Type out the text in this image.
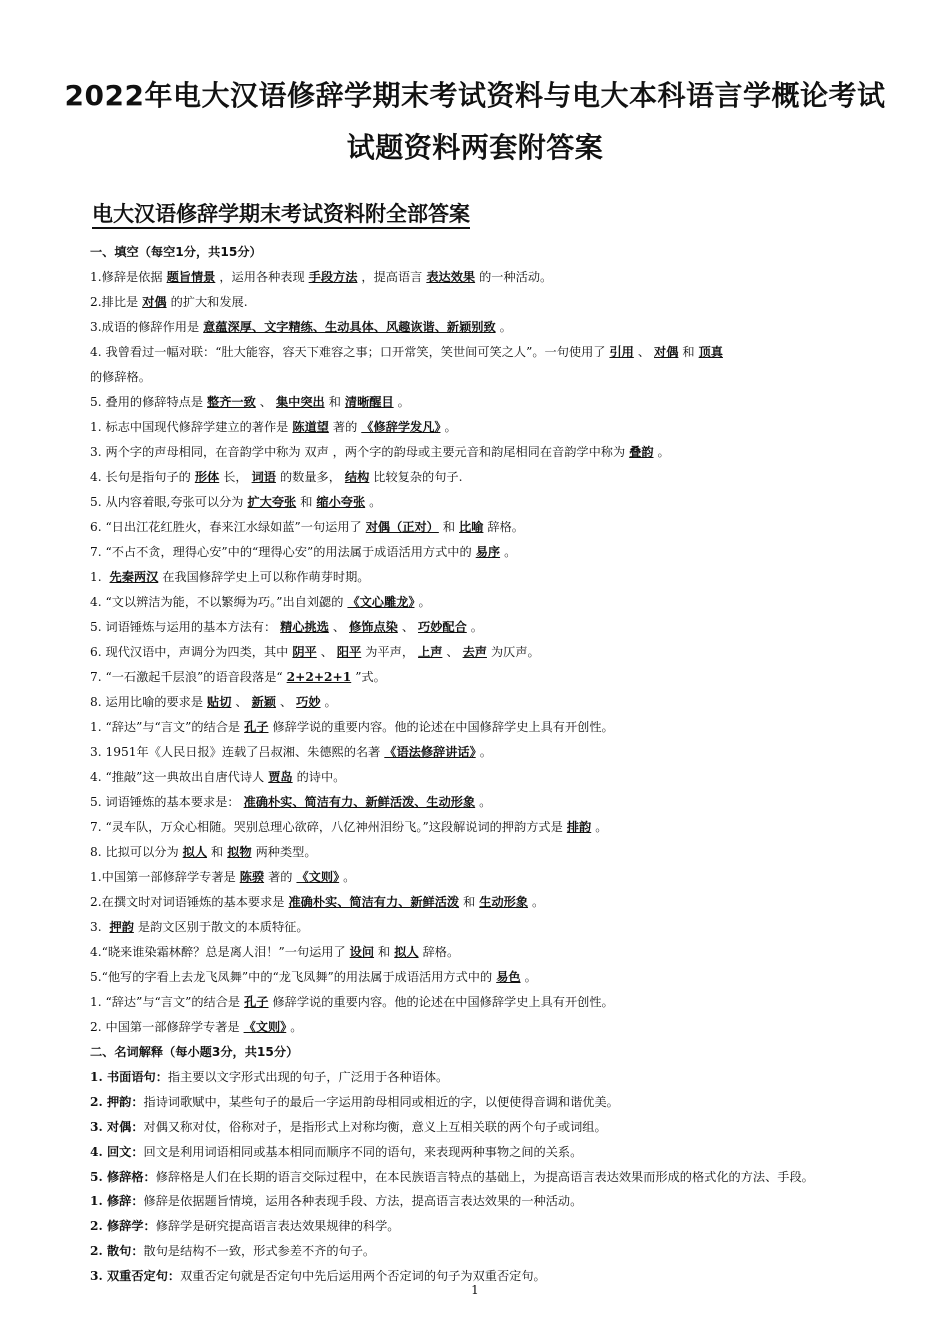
2022年电大汉语修辞学期末考试资料与电大本科语言学概论考试
试题资料两套附答案
电大汉语修辞学期末考试资料附全部答案
一、填空（每空1分，共15分）
1.修辞是依据 题旨情景 ，运用各种表现 手段方法 ，提高语言 表达效果 的一种活动。
2.排比是 对偶 的扩大和发展.
3.成语的修辞作用是 意蕴深厚、文字精练、生动具体、风趣诙谐、新颖别致 。
4. 我曾看过一幅对联：“肚大能容，容天下难容之事；口开常笑，笑世间可笑之人”。一句使用了 引用 、 对偶 和 顶真
的修辞格。
5. 叠用的修辞特点是 整齐一致 、 集中突出 和 清晰醒目 。
1. 标志中国现代修辞学建立的著作是 陈道望 著的 《修辞学发凡》 。
3. 两个字的声母相同，在音韵学中称为 双声 ，两个字的韵母或主要元音和韵尾相同在音韵学中称为 叠韵 。
4. 长句是指句子的 形体 长， 词语 的数量多， 结构 比较复杂的句子.
5. 从内容着眼,夸张可以分为 扩大夸张 和 缩小夸张 。
6. “日出江花红胜火，春来江水绿如蓝”一句运用了 对偶（正对） 和 比喻 辞格。
7. “不占不贪，理得心安”中的“理得心安”的用法属于成语活用方式中的 易序 。
1. 先秦两汉 在我国修辞学史上可以称作萌芽时期。
4. “文以辨洁为能，不以繁缛为巧。”出自刘勰的 《文心雕龙》 。
5. 词语锤炼与运用的基本方法有： 精心挑选 、 修饰点染 、 巧妙配合 。
6. 现代汉语中，声调分为四类，其中 阴平 、 阳平 为平声， 上声 、 去声 为仄声。
7. “一石激起千层浪”的语音段落是“ 2+2+2+1 ”式。
8. 运用比喻的要求是 贴切 、 新颖 、 巧妙 。
1. “辞达”与“言文”的结合是 孔子 修辞学说的重要内容。他的论述在中国修辞学史上具有开创性。
3. 1951年《人民日报》连载了吕叔湘、朱德熙的名著 《语法修辞讲话》 。
4. “推敲”这一典故出自唐代诗人 贾岛 的诗中。
5. 词语锤炼的基本要求是： 准确朴实、简洁有力、新鲜活泼、生动形象 。
7. “灵车队，万众心相随。哭别总理心欲碎，八亿神州泪纷飞。”这段解说词的押韵方式是 排韵 。
8. 比拟可以分为 拟人 和 拟物 两种类型。
1.中国第一部修辞学专著是 陈骙 著的 《文则》 。
2.在撰文时对词语锤炼的基本要求是 准确朴实、简洁有力、新鲜活泼 和 生动形象 。
3. 押韵 是韵文区别于散文的本质特征。
4.“晓来谁染霜林醉？总是离人泪！”一句运用了 设问 和 拟人 辞格。
5.“他写的字看上去龙飞凤舞”中的“龙飞凤舞”的用法属于成语活用方式中的 易色 。
1. “辞达”与“言文”的结合是 孔子 修辞学说的重要内容。他的论述在中国修辞学史上具有开创性。
2. 中国第一部修辞学专著是 《文则》 。
二、名词解释（每小题3分，共15分）
1. 书面语句：指主要以文字形式出现的句子，广泛用于各种语体。
2. 押韵：指诗词歌赋中，某些句子的最后一字运用韵母相同或相近的字，以便使得音调和谐优美。
3. 对偶：对偶又称对仗，俗称对子，是指形式上对称均衡，意义上互相关联的两个句子或词组。
4. 回文：回文是利用词语相同或基本相同而顺序不同的语句，来表现两种事物之间的关系。
5. 修辞格：修辞格是人们在长期的语言交际过程中，在本民族语言特点的基础上，为提高语言表达效果而形成的格式化的方法、手段。
1. 修辞：修辞是依据题旨情境，运用各种表现手段、方法，提高语言表达效果的一种活动。
2. 修辞学：修辞学是研究提高语言表达效果规律的科学。
2. 散句：散句是结构不一致，形式参差不齐的句子。
3. 双重否定句：双重否定句就是否定句中先后运用两个否定词的句子为双重否定句。
1
